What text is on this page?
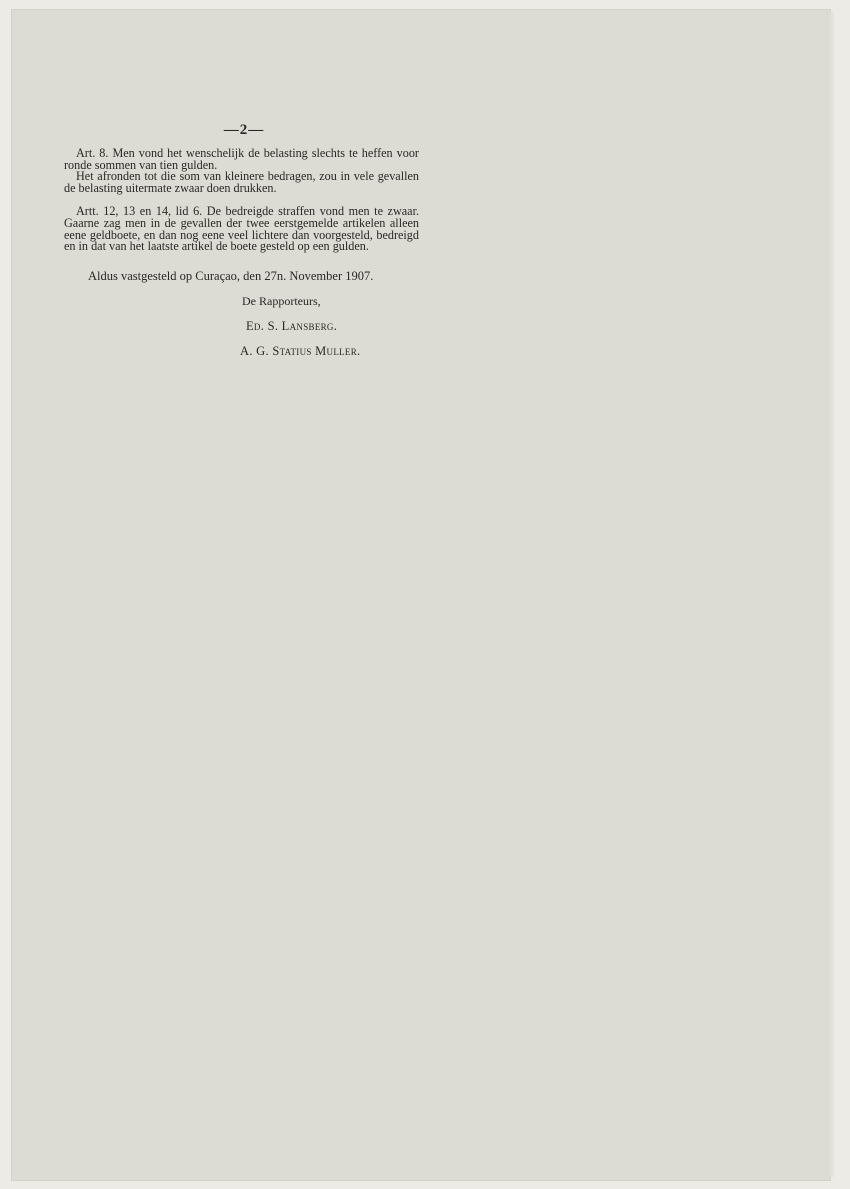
—2—

Art. 8. Men vond het wenschelijk de belasting slechts te heffen voor ronde sommen van tien gulden.

Het afronden tot die som van kleinere bedragen, zou in vele gevallen de belasting uitermate zwaar doen drukken.

Artt. 12, 13 en 14, lid 6. De bedreigde straffen vond men te zwaar. Gaarne zag men in de gevallen der twee eerstgemelde artikelen alleen eene geldboete, en dan nog eene veel lichtere dan voorgesteld, bedreigd en in dat van het laatste artikel de boete gesteld op een gulden.

Aldus vastgesteld op Curaçao, den 27n. November 1907.
De Rapporteurs,
Ed. S. Lansberg.
A. G. Statius Muller.
